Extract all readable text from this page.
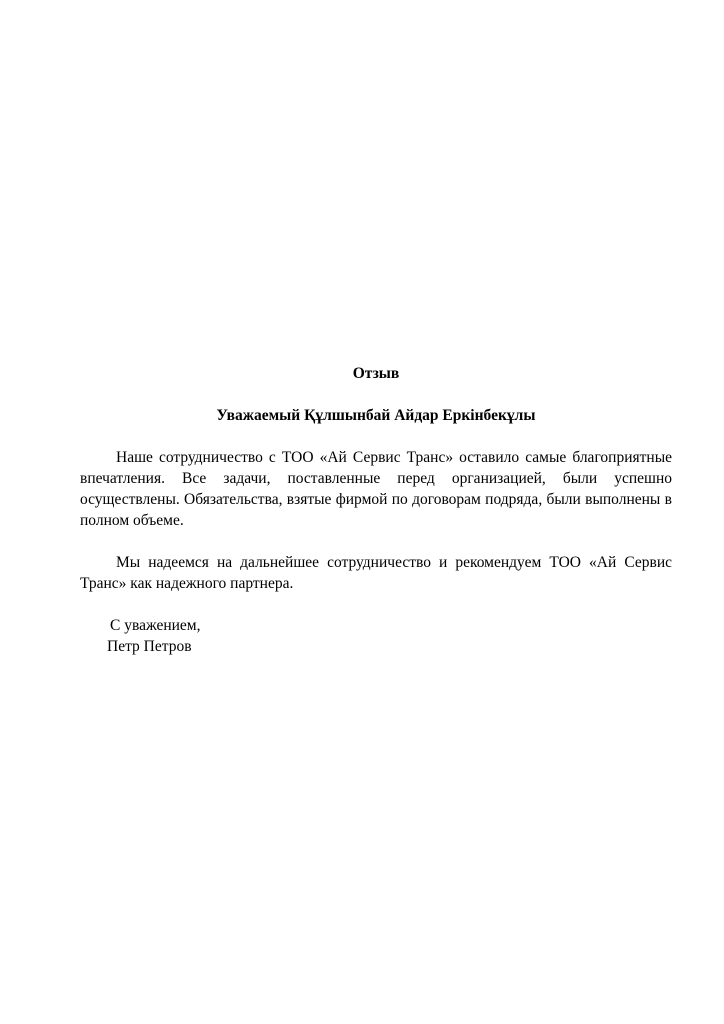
Отзыв
Уважаемый Құлшынбай Айдар Еркінбекұлы

Наше сотрудничество с ТОО «Ай Сервис Транс» оставило самые благоприятные впечатления. Все задачи, поставленные перед организацией, были успешно осуществлены. Обязательства, взятые фирмой по договорам подряда, были выполнены в полном объеме.

Мы надеемся на дальнейшее сотрудничество и рекомендуем ТОО «Ай Сервис Транс» как надежного партнера.

С уважением,
Петр Петров
